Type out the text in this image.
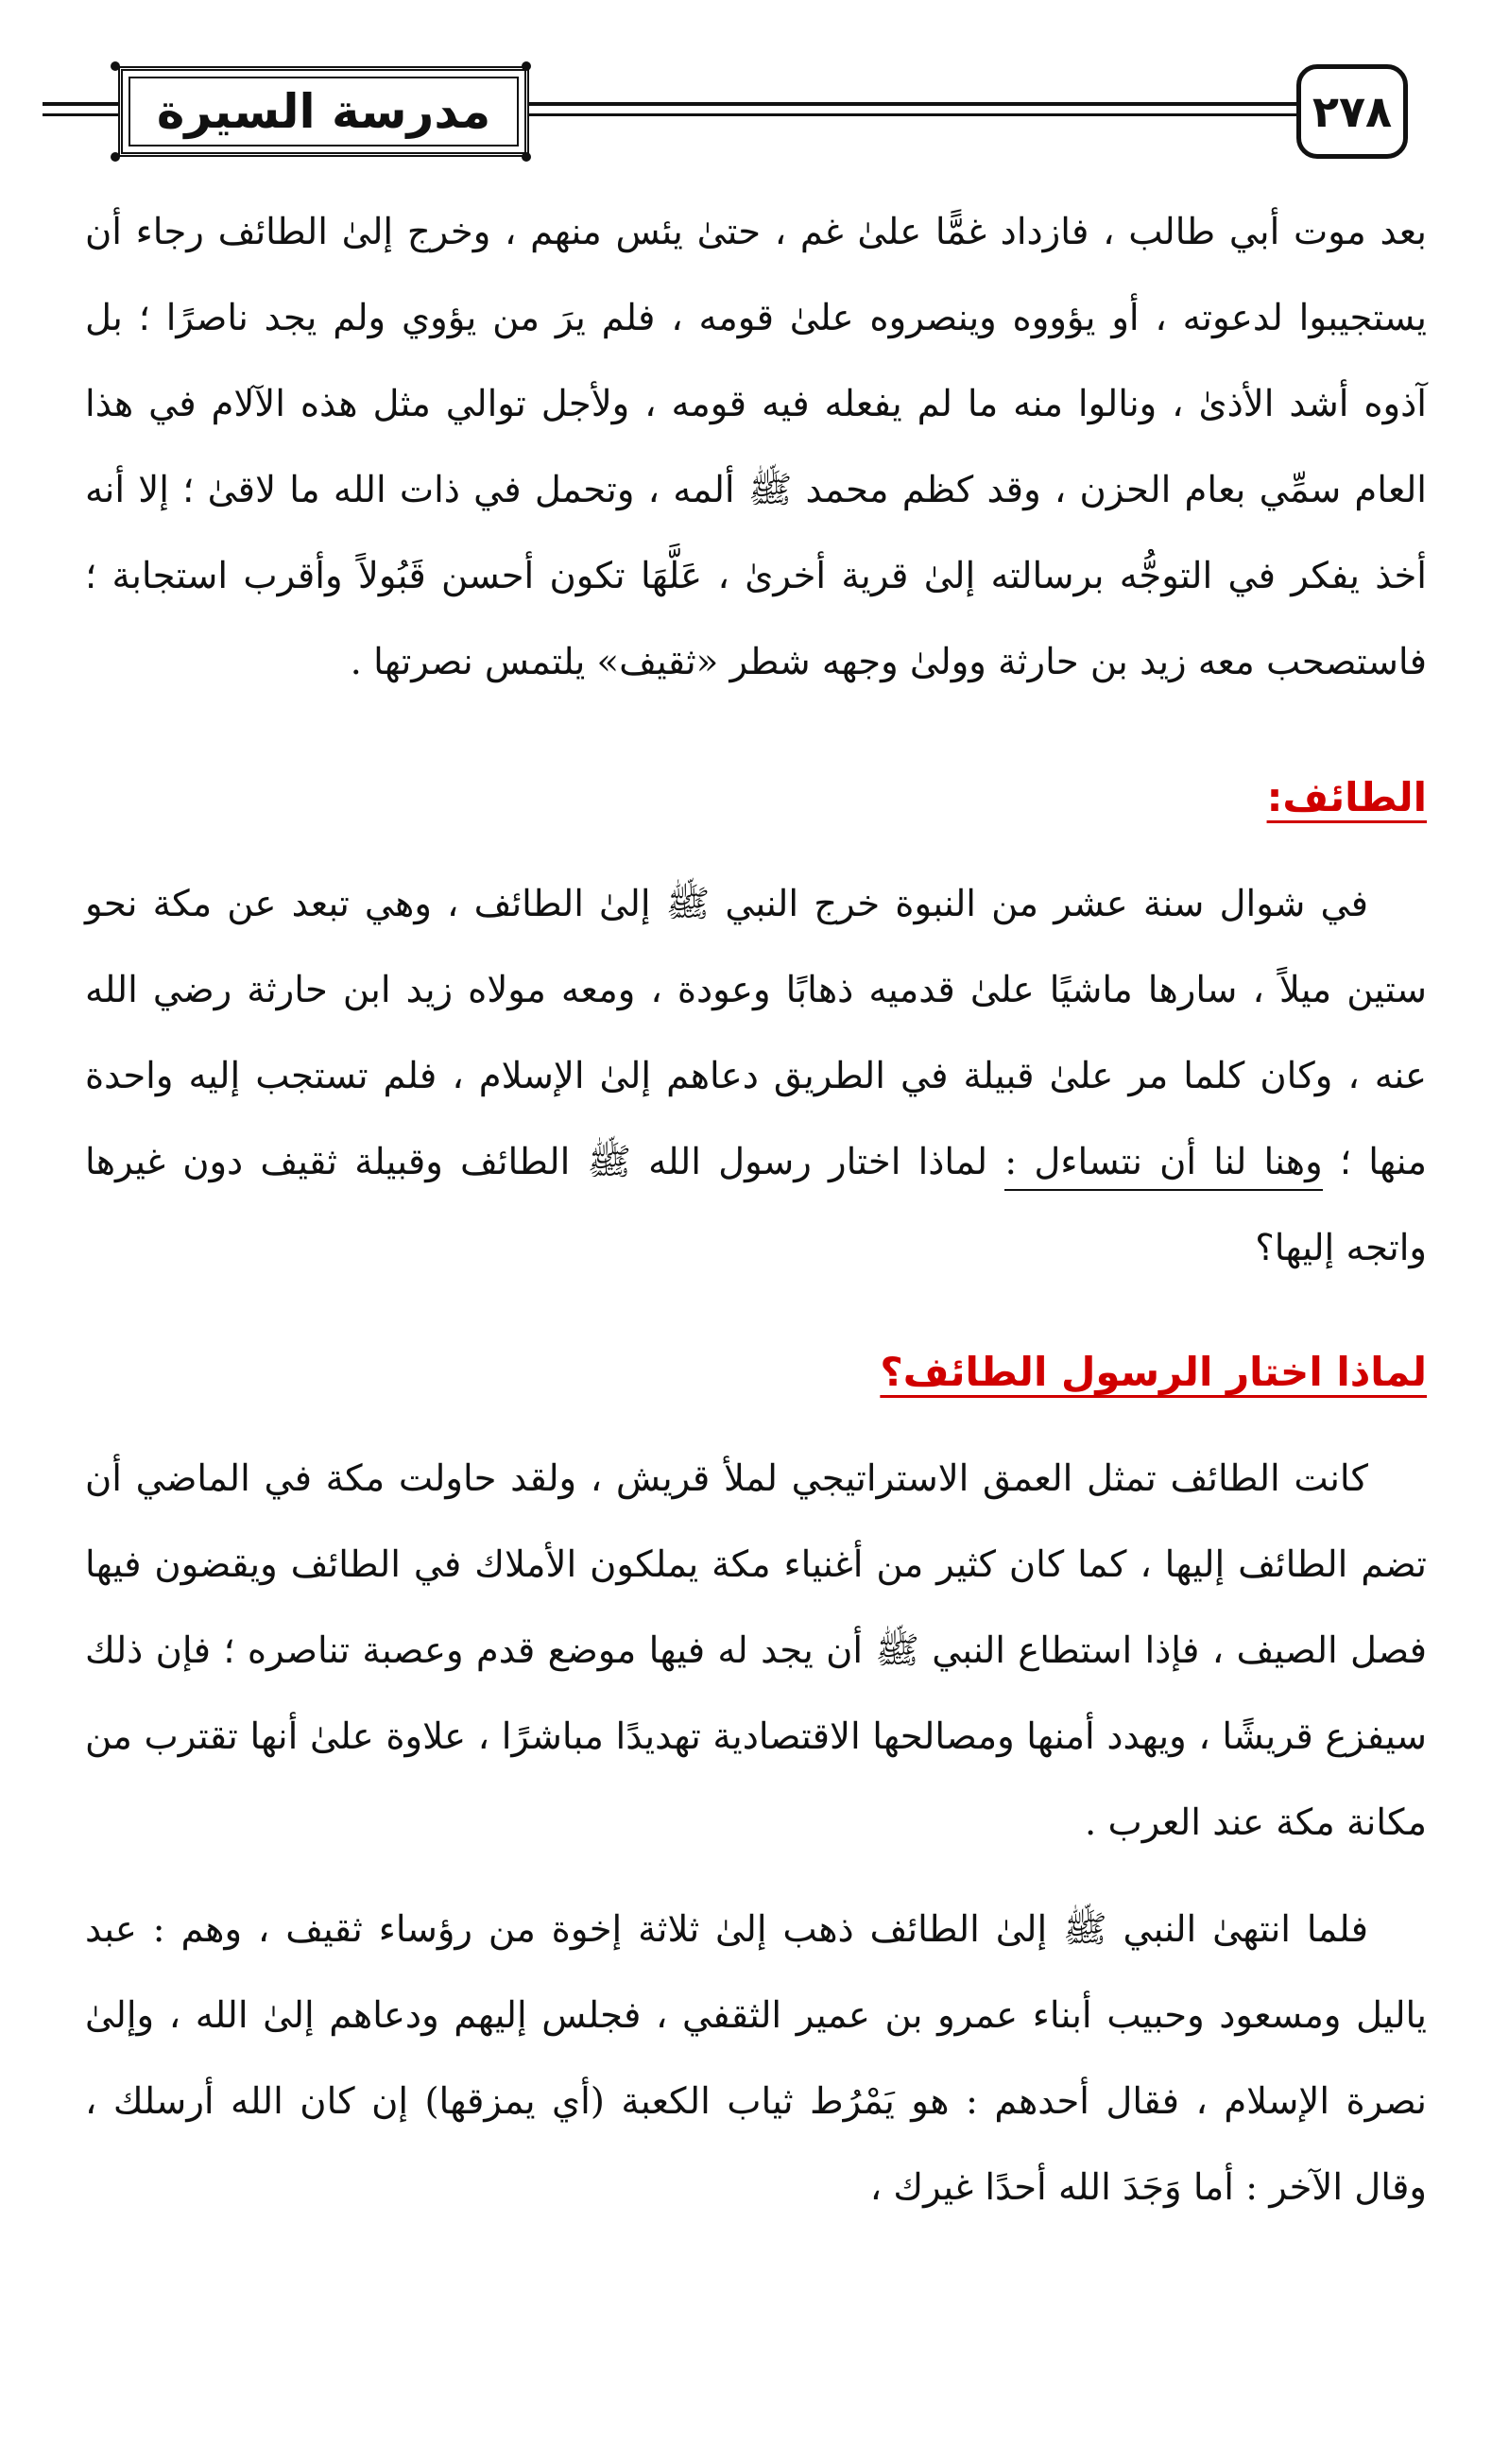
مدرسة السيرة	٢٧٨

بعد موت أبي طالب ، فازداد غمًّا علىٰ غم ، حتىٰ يئس منهم ، وخرج إلىٰ الطائف رجاء أن يستجيبوا لدعوته ، أو يؤووه وينصروه علىٰ قومه ، فلم يرَ من يؤوي ولم يجد ناصرًا ؛ بل آذوه أشد الأذىٰ ، ونالوا منه ما لم يفعله فيه قومه ، ولأجل توالي مثل هذه الآلام في هذا العام سمِّي بعام الحزن ، وقد كظم محمد ﷺ ألمه ، وتحمل في ذات الله ما لاقىٰ ؛ إلا أنه أخذ يفكر في التوجُّه برسالته إلىٰ قرية أخرىٰ ، عَلَّهَا تكون أحسن قَبُولاً وأقرب استجابة ؛ فاستصحب معه زيد بن حارثة وولىٰ وجهه شطر «ثقيف» يلتمس نصرتها .

الطائف:

في شوال سنة عشر من النبوة خرج النبي ﷺ إلىٰ الطائف ، وهي تبعد عن مكة نحو ستين ميلاً ، سارها ماشيًا علىٰ قدميه ذهابًا وعودة ، ومعه مولاه زيد ابن حارثة رضي الله عنه ، وكان كلما مر علىٰ قبيلة في الطريق دعاهم إلىٰ الإسلام ، فلم تستجب إليه واحدة منها ؛ وهنا لنا أن نتساءل : لماذا اختار رسول الله ﷺ الطائف وقبيلة ثقيف دون غيرها واتجه إليها؟

لماذا اختار الرسول الطائف؟

كانت الطائف تمثل العمق الاستراتيجي لملأ قريش ، ولقد حاولت مكة في الماضي أن تضم الطائف إليها ، كما كان كثير من أغنياء مكة يملكون الأملاك في الطائف ويقضون فيها فصل الصيف ، فإذا استطاع النبي ﷺ أن يجد له فيها موضع قدم وعصبة تناصره ؛ فإن ذلك سيفزع قريشًا ، ويهدد أمنها ومصالحها الاقتصادية تهديدًا مباشرًا ، علاوة علىٰ أنها تقترب من مكانة مكة عند العرب .

فلما انتهىٰ النبي ﷺ إلىٰ الطائف ذهب إلىٰ ثلاثة إخوة من رؤساء ثقيف ، وهم : عبد ياليل ومسعود وحبيب أبناء عمرو بن عمير الثقفي ، فجلس إليهم ودعاهم إلىٰ الله ، وإلىٰ نصرة الإسلام ، فقال أحدهم : هو يَمْرُط ثياب الكعبة (أي يمزقها) إن كان الله أرسلك ، وقال الآخر : أما وَجَدَ الله أحدًا غيرك ،
